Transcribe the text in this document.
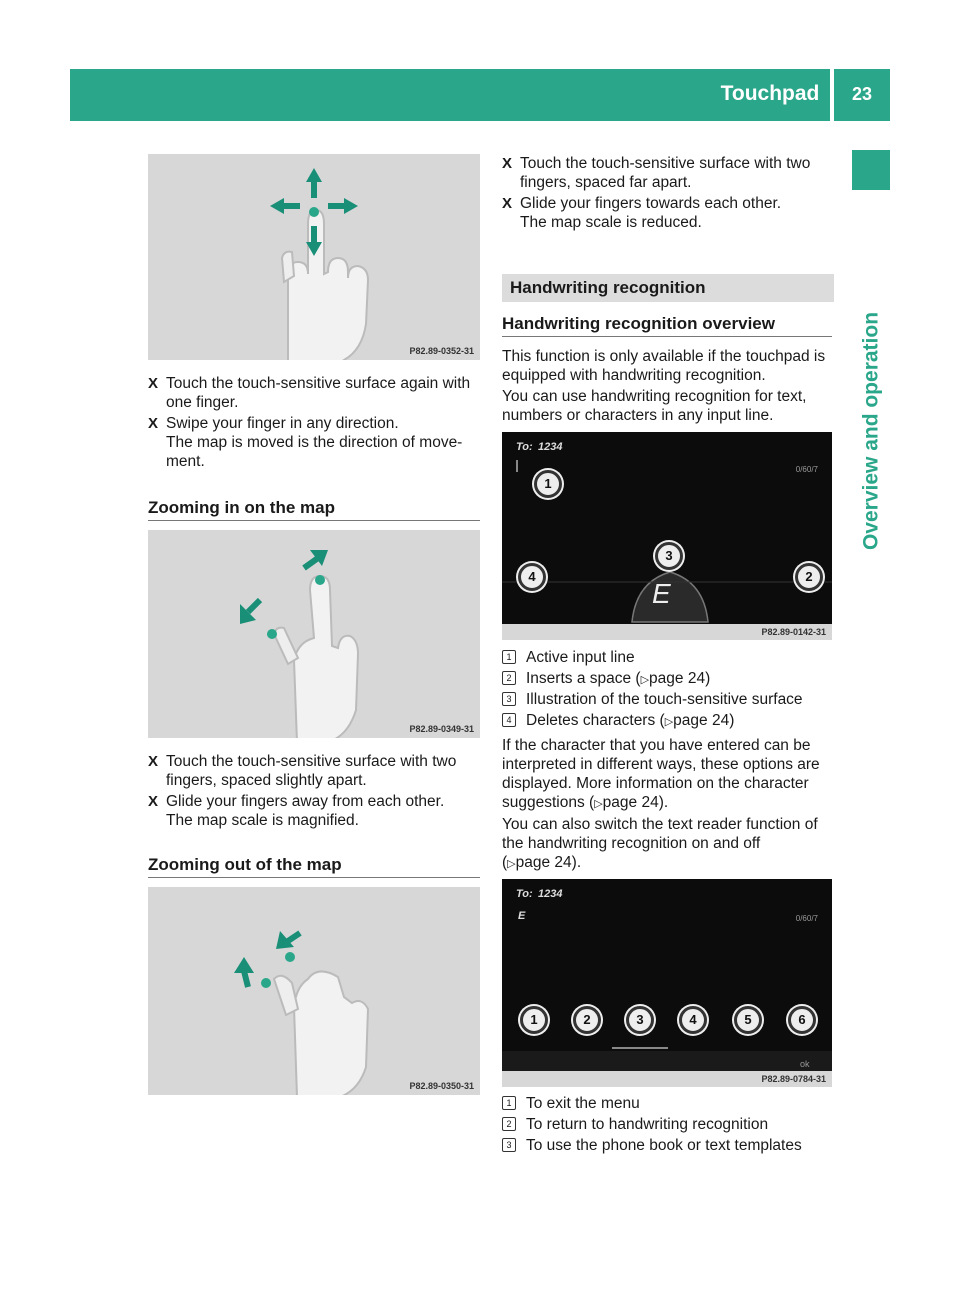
Touchpad	23
Overview and operation
P82.89-0352-31
X Touch the touch-sensitive surface again with one finger.
X Swipe your finger in any direction.
The map is moved is the direction of move-ment.
Zooming in on the map
P82.89-0349-31
X Touch the touch-sensitive surface with two fingers, spaced slightly apart.
X Glide your fingers away from each other.
The map scale is magnified.
Zooming out of the map
P82.89-0350-31
X Touch the touch-sensitive surface with two fingers, spaced far apart.
X Glide your fingers towards each other.
The map scale is reduced.
Handwriting recognition
Handwriting recognition overview
This function is only available if the touchpad is equipped with handwriting recognition.
You can use handwriting recognition for text, numbers or characters in any input line.
To: 1234
0/60/7
E
1
2
3
4
P82.89-0142-31
1 Active input line
2 Inserts a space (▷page 24)
3 Illustration of the touch-sensitive surface
4 Deletes characters (▷page 24)
If the character that you have entered can be interpreted in different ways, these options are displayed. More information on the character suggestions (▷page 24).
You can also switch the text reader function of the handwriting recognition on and off
(▷page 24).
To: 1234
E	0/60/7
ok
1	2	3	4	5	6
P82.89-0784-31
1 To exit the menu
2 To return to handwriting recognition
3 To use the phone book or text templates
